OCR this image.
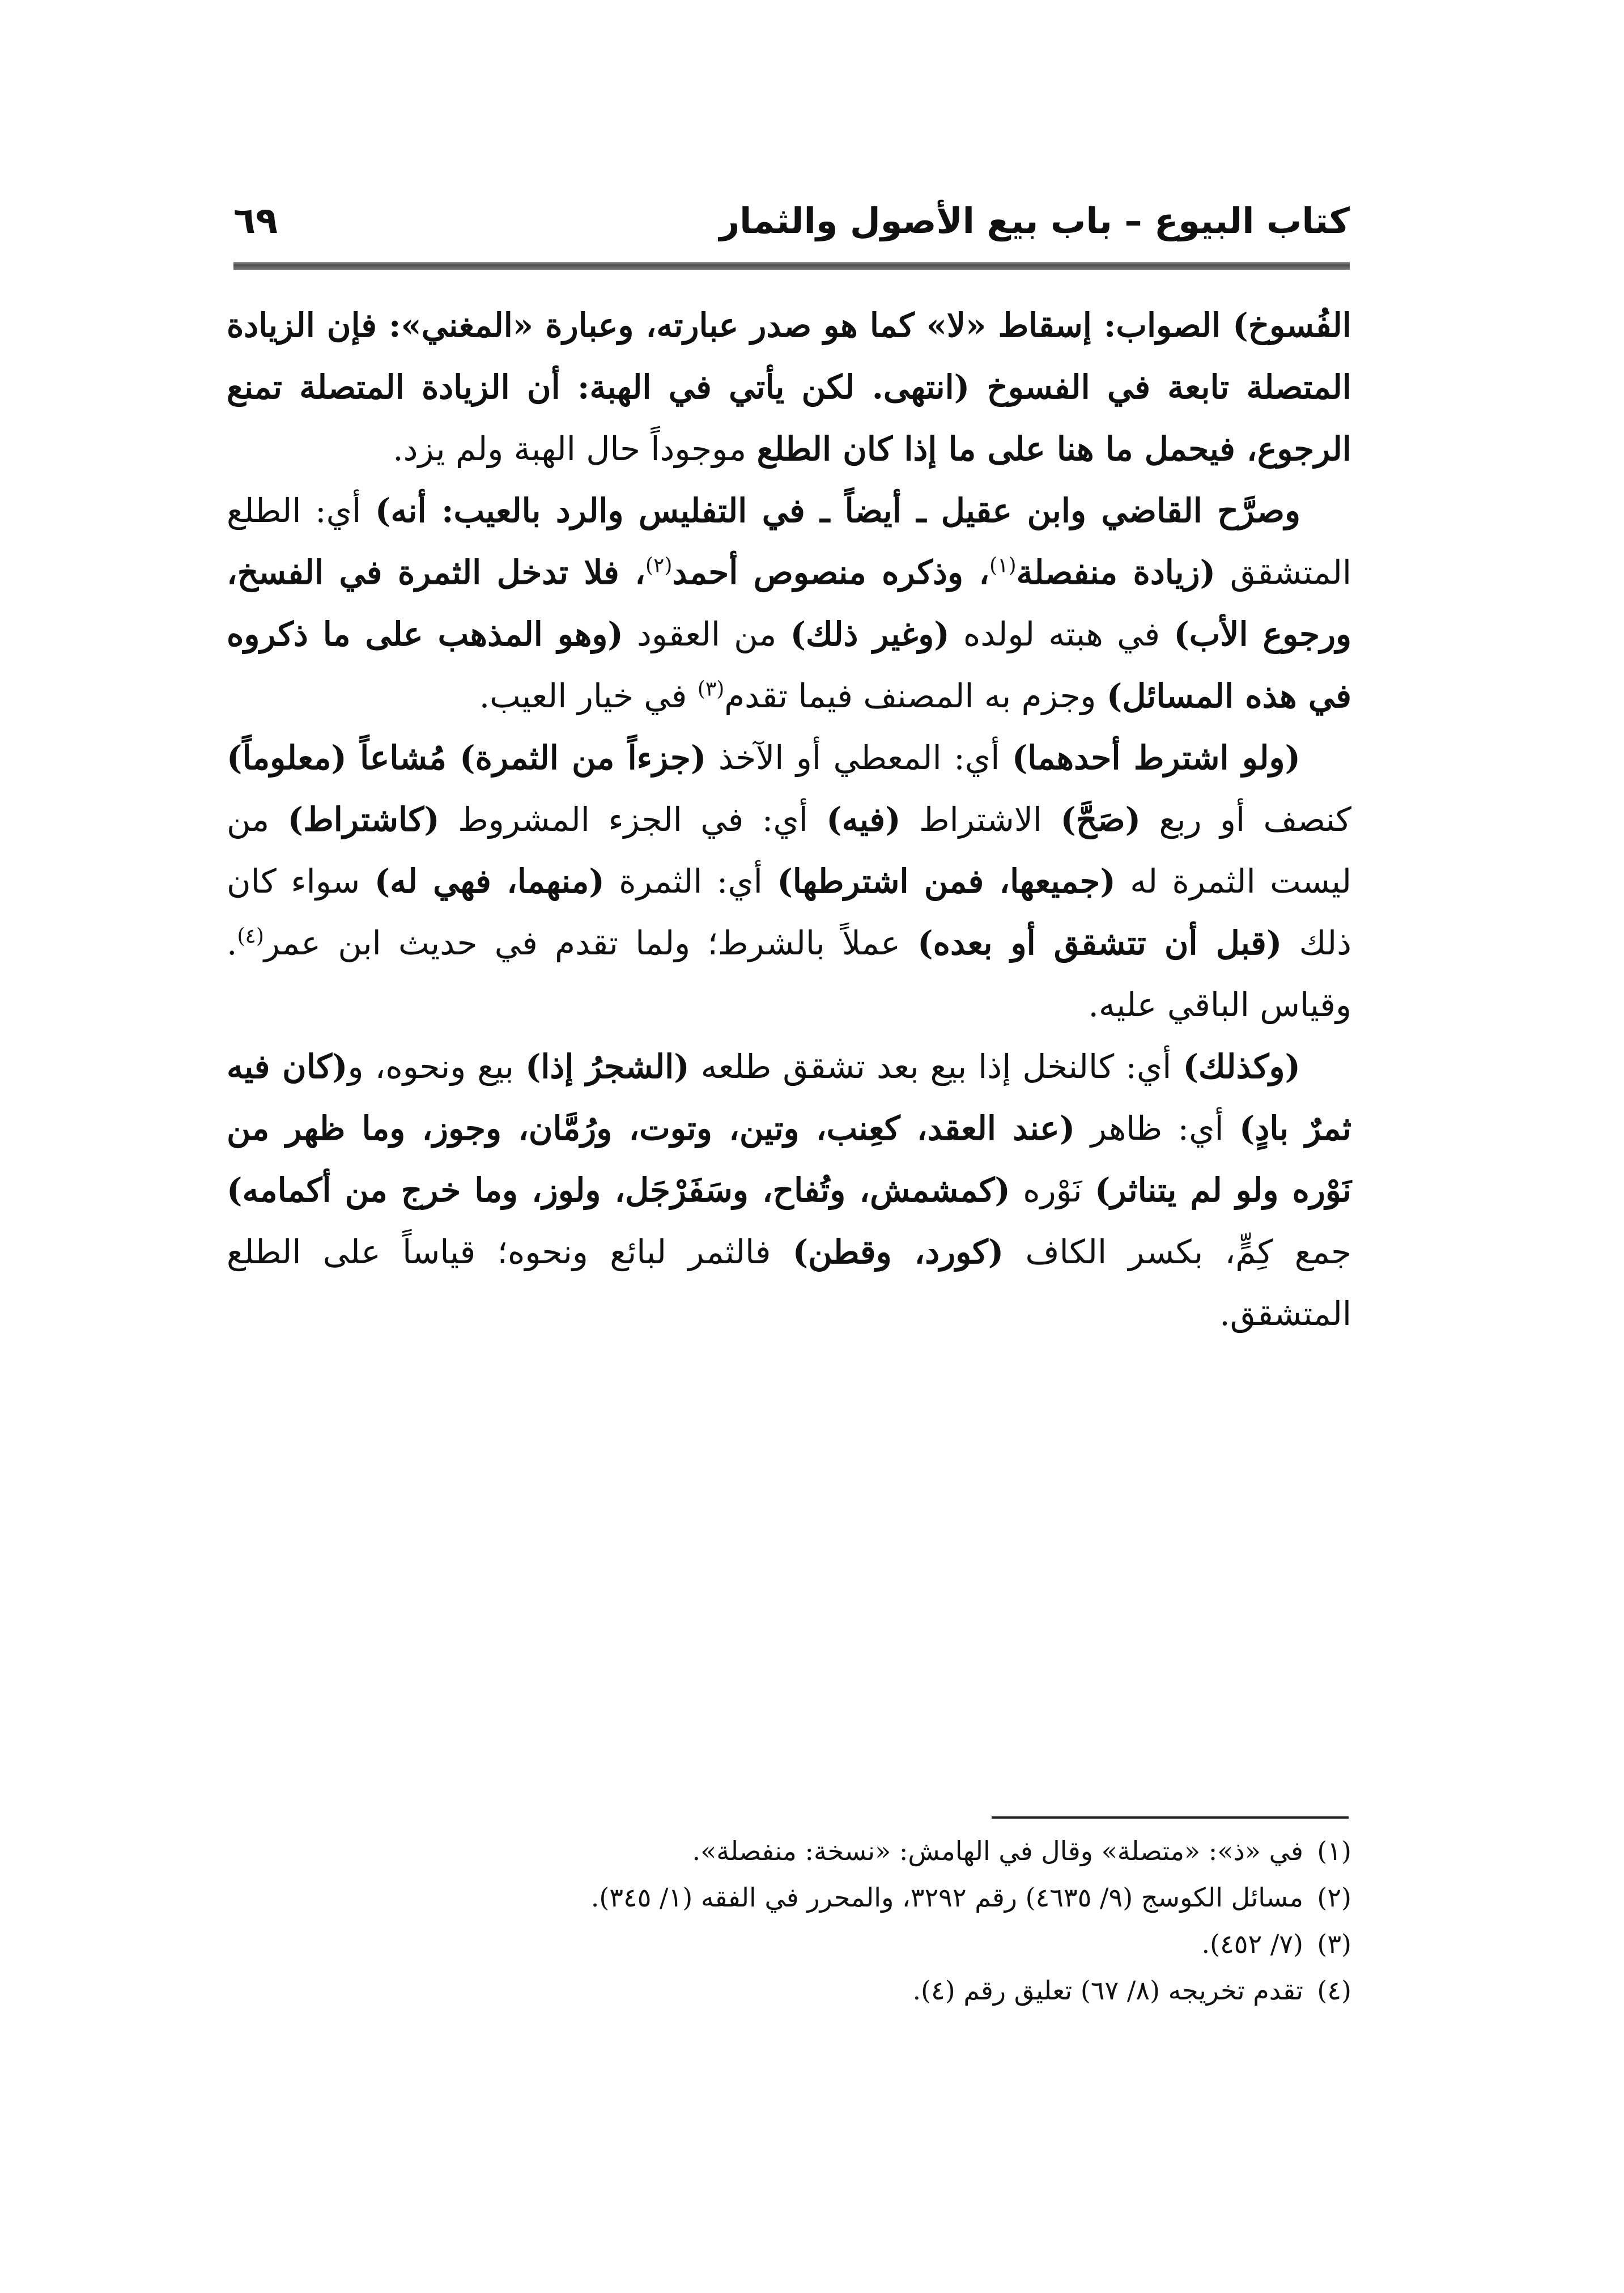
كتاب البيوع – باب بيع الأصول والثمار
٦٩

الفُسوخ) الصواب: إسقاط «لا» كما هو صدر عبارته، وعبارة «المغني»: فإن الزيادة المتصلة تابعة في الفسوخ (انتهى. لكن يأتي في الهبة: أن الزيادة المتصلة تمنع الرجوع، فيحمل ما هنا على ما إذا كان الطلع موجوداً حال الهبة ولم يزد.

وصرَّح القاضي وابن عقيل ـ أيضاً ـ في التفليس والرد بالعيب: أنه) أي: الطلع المتشقق (زيادة منفصلة$^{(١)}$، وذكره منصوص أحمد$^{(٢)}$، فلا تدخل الثمرة في الفسخ، ورجوع الأب) في هبته لولده (وغير ذلك) من العقود (وهو المذهب على ما ذكروه في هذه المسائل) وجزم به المصنف فيما تقدم$^{(٣)}$ في خيار العيب.

(ولو اشترط أحدهما) أي: المعطي أو الآخذ (جزءاً من الثمرة) مُشاعاً (معلوماً) كنصف أو ربع (صَحَّ) الاشتراط (فيه) أي: في الجزء المشروط (كاشتراط) من ليست الثمرة له (جميعها، فمن اشترطها) أي: الثمرة (منهما، فهي له) سواء كان ذلك (قبل أن تتشقق أو بعده) عملاً بالشرط؛ ولما تقدم في حديث ابن عمر$^{(٤)}$. وقياس الباقي عليه.

(وكذلك) أي: كالنخل إذا بيع بعد تشقق طلعه (الشجرُ إذا) بيع ونحوه، و(كان فيه ثمرٌ بادٍ) أي: ظاهر (عند العقد، كعِنب، وتين، وتوت، ورُمَّان، وجوز، وما ظهر من نَوْره ولو لم يتناثر) نَوْره (كمشمش، وتُفاح، وسَفَرْجَل، ولوز، وما خرج من أكمامه) جمع كِمٍّ، بكسر الكاف (كورد، وقطن) فالثمر لبائع ونحوه؛ قياساً على الطلع المتشقق.

(١)في «ذ»: «متصلة» وقال في الهامش: «نسخة: منفصلة».

(٢)مسائل الكوسج (٩/ ٤٦٣٥) رقم ٣٢٩٢، والمحرر في الفقه (١/ ٣٤٥).

(٣)(٧/ ٤٥٢).

(٤)تقدم تخريجه (٨/ ٦٧) تعليق رقم (٤).
